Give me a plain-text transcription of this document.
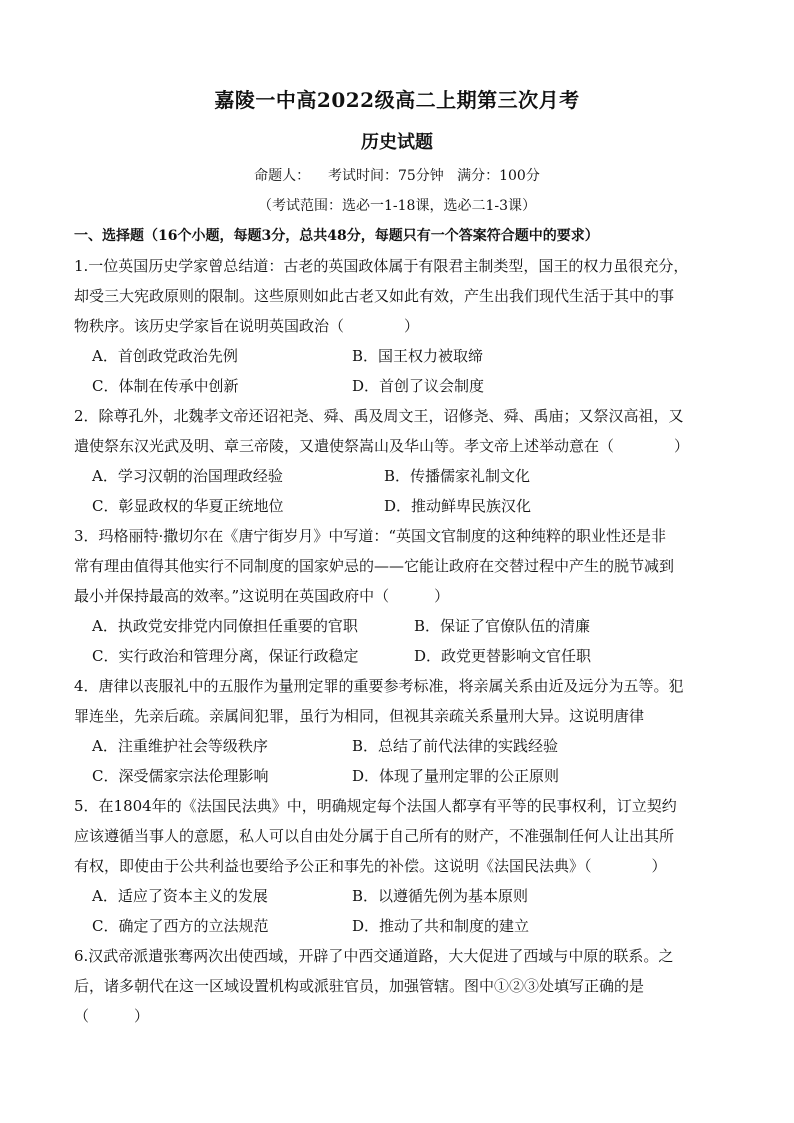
嘉陵一中高2022级高二上期第三次月考
历史试题
命题人：    考试时间：75分钟   满分：100分
（考试范围：选必一1-18课，选必二1-3课）
一、选择题（16个小题，每题3分，总共48分，每题只有一个答案符合题中的要求）
1.一位英国历史学家曾总结道：古老的英国政体属于有限君主制类型，国王的权力虽很充分，
却受三大宪政原则的限制。这些原则如此古老又如此有效，产生出我们现代生活于其中的事
物秩序。该历史学家旨在说明英国政治（　　　　）
A．首创政党政治先例	B．国王权力被取缔
C．体制在传承中创新	D．首创了议会制度
2．除尊孔外，北魏孝文帝还诏祀尧、舜、禹及周文王，诏修尧、舜、禹庙；又祭汉高祖，又
遣使祭东汉光武及明、章三帝陵，又遣使祭嵩山及华山等。孝文帝上述举动意在（　　　　）
A．学习汉朝的治国理政经验	B．传播儒家礼制文化
C．彰显政权的华夏正统地位	D．推动鲜卑民族汉化
3．玛格丽特·撒切尔在《唐宁街岁月》中写道：“英国文官制度的这种纯粹的职业性还是非
常有理由值得其他实行不同制度的国家妒忌的——它能让政府在交替过程中产生的脱节减到
最小并保持最高的效率。”这说明在英国政府中（　　　）
A．执政党安排党内同僚担任重要的官职	B．保证了官僚队伍的清廉
C．实行政治和管理分离，保证行政稳定	D．政党更替影响文官任职
4．唐律以丧服礼中的五服作为量刑定罪的重要参考标准，将亲属关系由近及远分为五等。犯
罪连坐，先亲后疏。亲属间犯罪，虽行为相同，但视其亲疏关系量刑大异。这说明唐律
A．注重维护社会等级秩序	B．总结了前代法律的实践经验
C．深受儒家宗法伦理影响	D．体现了量刑定罪的公正原则
5．在1804年的《法国民法典》中，明确规定每个法国人都享有平等的民事权利，订立契约
应该遵循当事人的意愿，私人可以自由处分属于自己所有的财产，不准强制任何人让出其所
有权，即使由于公共利益也要给予公正和事先的补偿。这说明《法国民法典》（　　　　）
A．适应了资本主义的发展	B．以遵循先例为基本原则
C．确定了西方的立法规范	D．推动了共和制度的建立
6.汉武帝派遣张骞两次出使西域，开辟了中西交通道路，大大促进了西域与中原的联系。之
后，诸多朝代在这一区域设置机构或派驻官员，加强管辖。图中①②③处填写正确的是
（　　　）
